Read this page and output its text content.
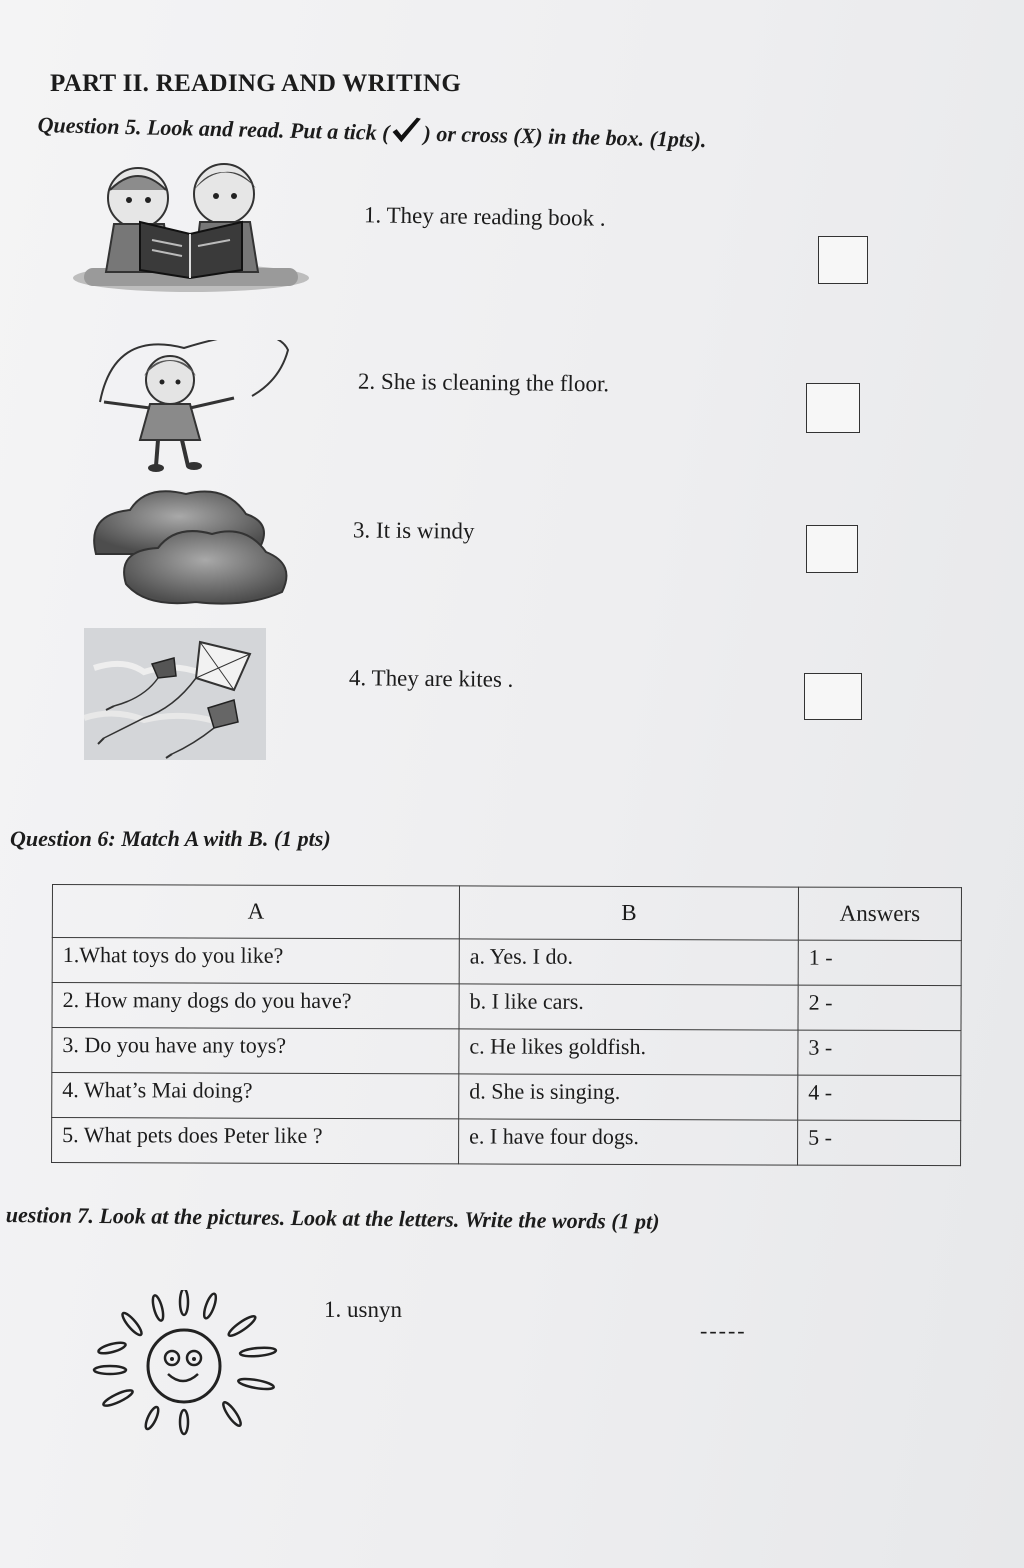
PART II. READING AND WRITING
Question 5. Look and read. Put a tick ( ) or cross (X) in the box. (1pts).
1. They are reading book .
2. She is cleaning the floor.
3. It is windy
4. They are kites .
Question 6: Match A with B. (1 pts)
A	B	Answers
1.What toys do you like?	a. Yes. I do.	1 -
2. How many dogs do you have?	b. I like cars.	2 -
3. Do you have any toys?	c. He likes goldfish.	3 -
4. What’s Mai doing?	d. She is singing.	4 -
5. What pets does Peter like ?	e. I have four dogs.	5 -
uestion 7. Look at the pictures. Look at the letters. Write the words (1 pt)
1. usnyn
-----
